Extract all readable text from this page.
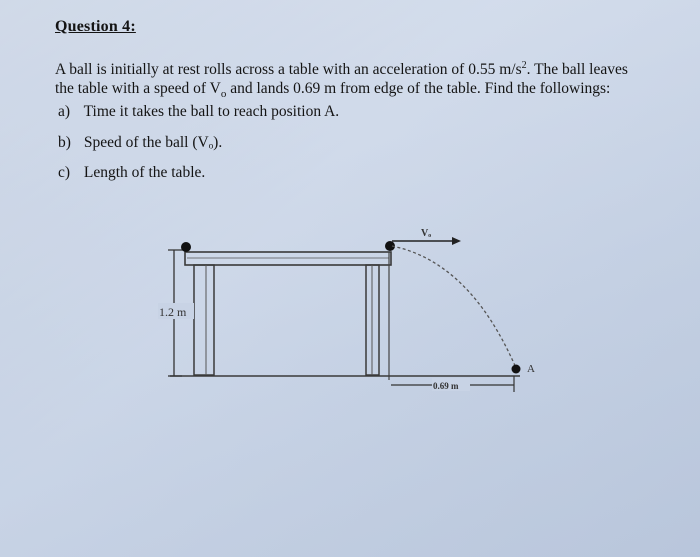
Question 4:
A ball is initially at rest rolls across a table with an acceleration of 0.55 $m/s^2$. The ball leaves the table with a speed of $V_o$ and lands 0.69 m from edge of the table. Find the followings:
a) Time it takes the ball to reach position A.
b) Speed of the ball (Vₒ).
c) Length of the table.
1.2 m
Vₒ
A
0.69 m
